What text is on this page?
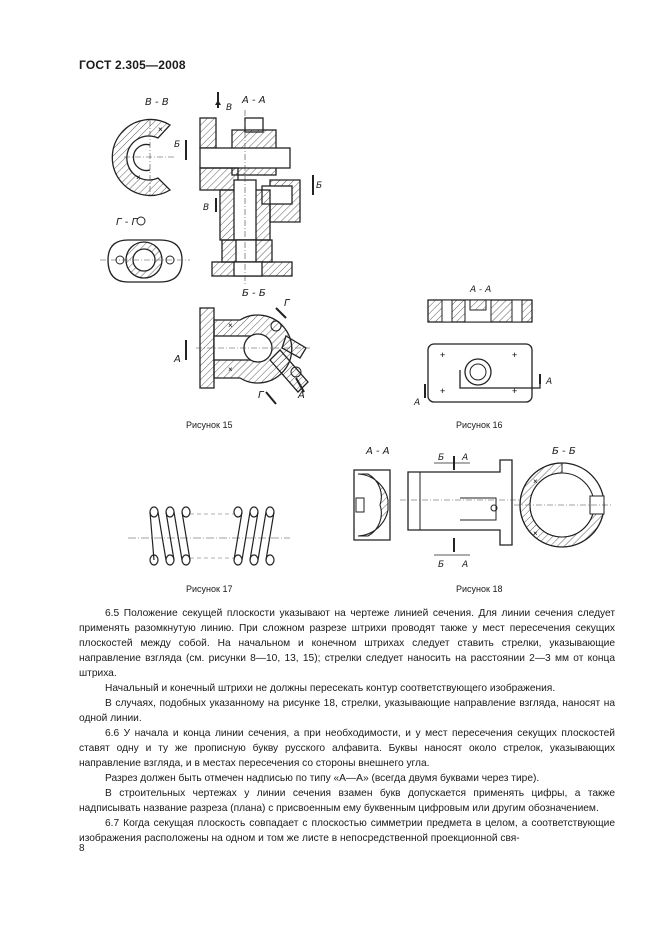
ГОСТ 2.305—2008
В - В
×
×
А - А
В
Б
Б
В
Г - Г
Б - Б
×
×
А
А
Г
Г
А - А
+
+
+
+
А
А
А - А
Б А
Б А
Б - Б
×
×
Рисунок 15	Рисунок 16
Рисунок 17	Рисунок 18

6.5 Положение секущей плоскости указывают на чертеже линией сечения. Для линии сечения следует применять разомкнутую линию. При сложном разрезе штрихи проводят также у мест пересечения секущих плоскостей между собой. На начальном и конечном штрихах следует ставить стрелки, указывающие направление взгляда (см. рисунки 8—10, 13, 15); стрелки следует наносить на расстоянии 2—3 мм от конца штриха.

Начальный и конечный штрихи не должны пересекать контур соответствующего изображения.

В случаях, подобных указанному на рисунке 18, стрелки, указывающие направление взгляда, наносят на одной линии.

6.6 У начала и конца линии сечения, а при необходимости, и у мест пересечения секущих плоскостей ставят одну и ту же прописную букву русского алфавита. Буквы наносят около стрелок, указывающих направление взгляда, и в местах пересечения со стороны внешнего угла.

Разрез должен быть отмечен надписью по типу «А—А» (всегда двумя буквами через тире).

В строительных чертежах у линии сечения взамен букв допускается применять цифры, а также надписывать название разреза (плана) с присвоенным ему буквенным цифровым или другим обозначением.

6.7 Когда секущая плоскость совпадает с плоскостью симметрии предмета в целом, а соответствующие изображения расположены на одном и том же листе в непосредственной проекционной свя-

8
